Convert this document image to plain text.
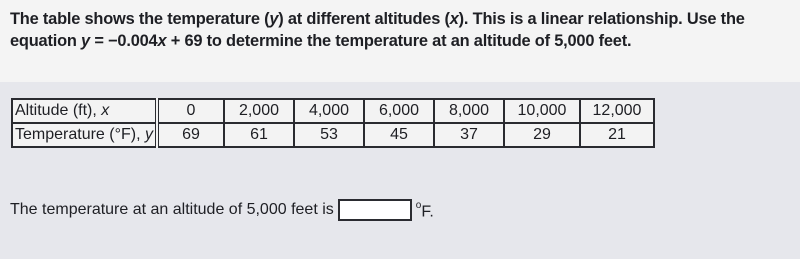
The table shows the temperature (y) at different altitudes (x). This is a linear relationship. Use the equation y = −0.004x + 69 to determine the temperature at an altitude of 5,000 feet.
Altitude (ft), x	0	2,000	4,000	6,000	8,000	10,000	12,000
Temperature (°F), y	69	61	53	45	37	29	21
The temperature at an altitude of 5,000 feet is	$^o$F.
